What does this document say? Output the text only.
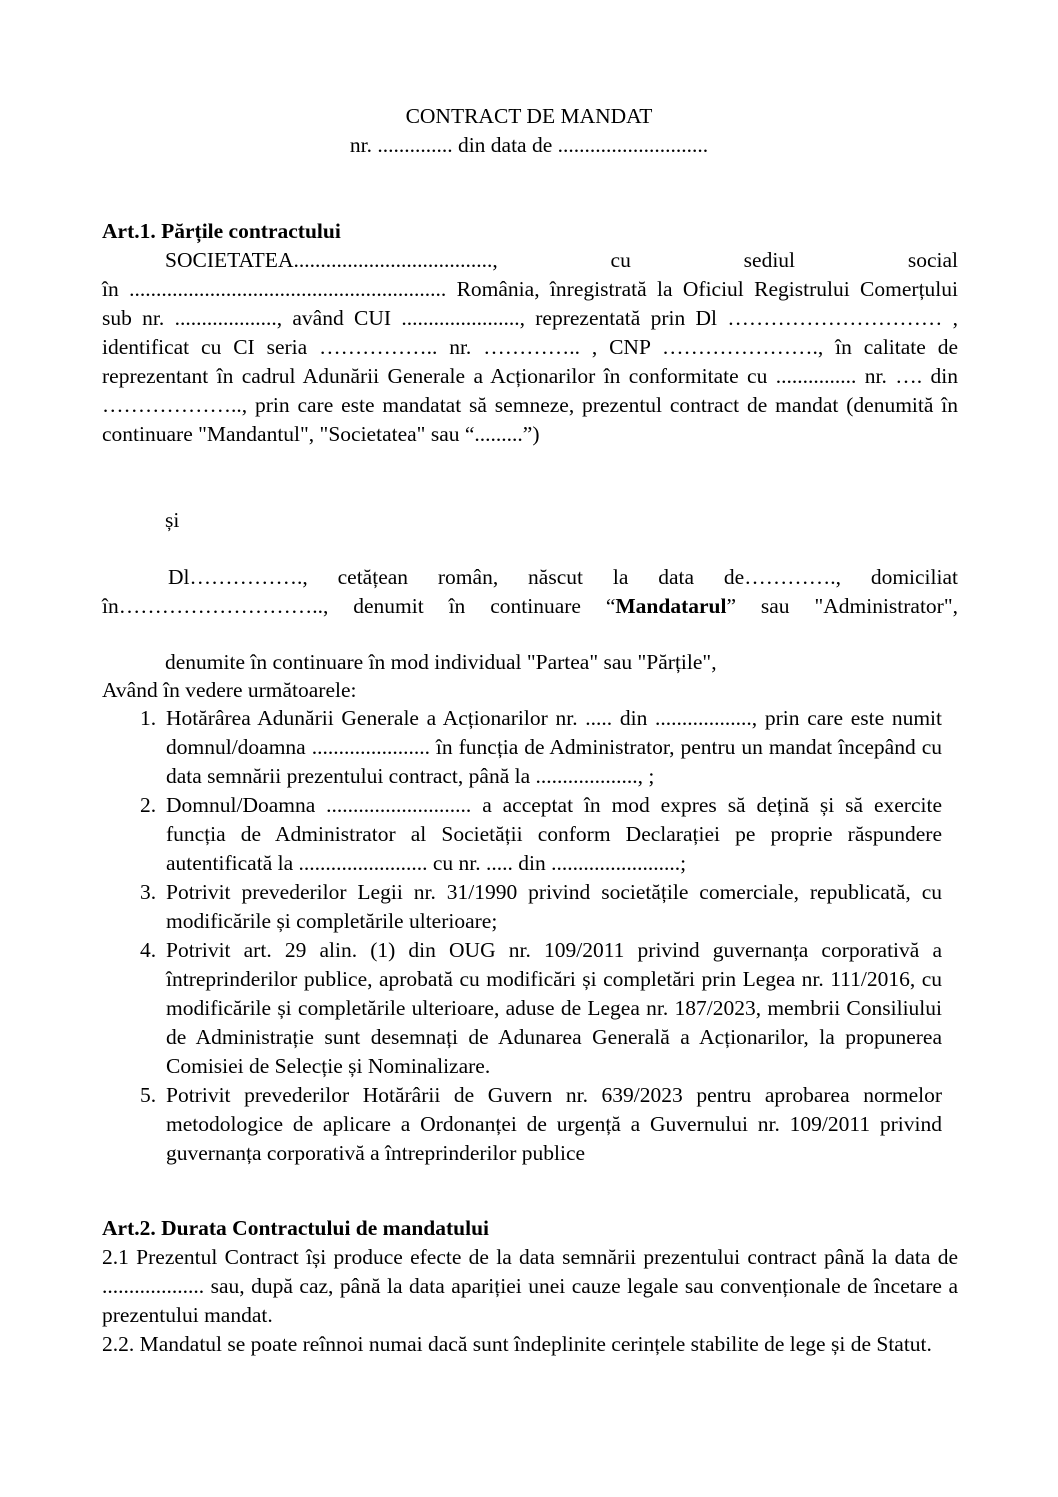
CONTRACT DE MANDAT
nr. .............. din data de ............................
Art.1. Părțile contractului
SOCIETATEA....................................., cu sediul social
în ........................................................... România, înregistrată la Oficiul Registrului Comerțului sub nr. ..................., având CUI ......................, reprezentată prin Dl ………………………… , identificat cu CI seria …………….. nr. ………….. , CNP …………………., în calitate de reprezentant în cadrul Adunării Generale a Acționarilor în conformitate cu ............... nr. …. din ……………….., prin care este mandatat să semneze, prezentul contract de mandat (denumită în continuare "Mandantul", "Societatea" sau “.........”)
și
Dl……………., cetățean român, născut la data de…………., domiciliat în……………………….., denumit în continuare “Mandatarul” sau "Administrator",
denumite în continuare în mod individual "Partea" sau "Părțile",
Având în vedere următoarele:
1. Hotărârea Adunării Generale a Acționarilor nr. ..... din .................., prin care este numit domnul/doamna ...................... în funcția de Administrator, pentru un mandat începând cu data semnării prezentului contract, până la ..................., ;
2. Domnul/Doamna ........................... a acceptat în mod expres să dețină și să exercite funcția de Administrator al Societății conform Declarației pe proprie răspundere autentificată la ........................ cu nr. ..... din ........................;
3. Potrivit prevederilor Legii nr. 31/1990 privind societățile comerciale, republicată, cu modificările și completările ulterioare;
4. Potrivit art. 29 alin. (1) din OUG nr. 109/2011 privind guvernanța corporativă a întreprinderilor publice, aprobată cu modificări și completări prin Legea nr. 111/2016, cu modificările și completările ulterioare, aduse de Legea nr. 187/2023, membrii Consiliului de Administrație sunt desemnați de Adunarea Generală a Acționarilor, la propunerea Comisiei de Selecție și Nominalizare.
5. Potrivit prevederilor Hotărârii de Guvern nr. 639/2023 pentru aprobarea normelor metodologice de aplicare a Ordonanței de urgență a Guvernului nr. 109/2011 privind guvernanța corporativă a întreprinderilor publice
Art.2. Durata Contractului de mandatului
2.1 Prezentul Contract își produce efecte de la data semnării prezentului contract până la data de ................... sau, după caz, până la data apariției unei cauze legale sau convenționale de încetare a prezentului mandat.
2.2. Mandatul se poate reînnoi numai dacă sunt îndeplinite cerințele stabilite de lege și de Statut.
